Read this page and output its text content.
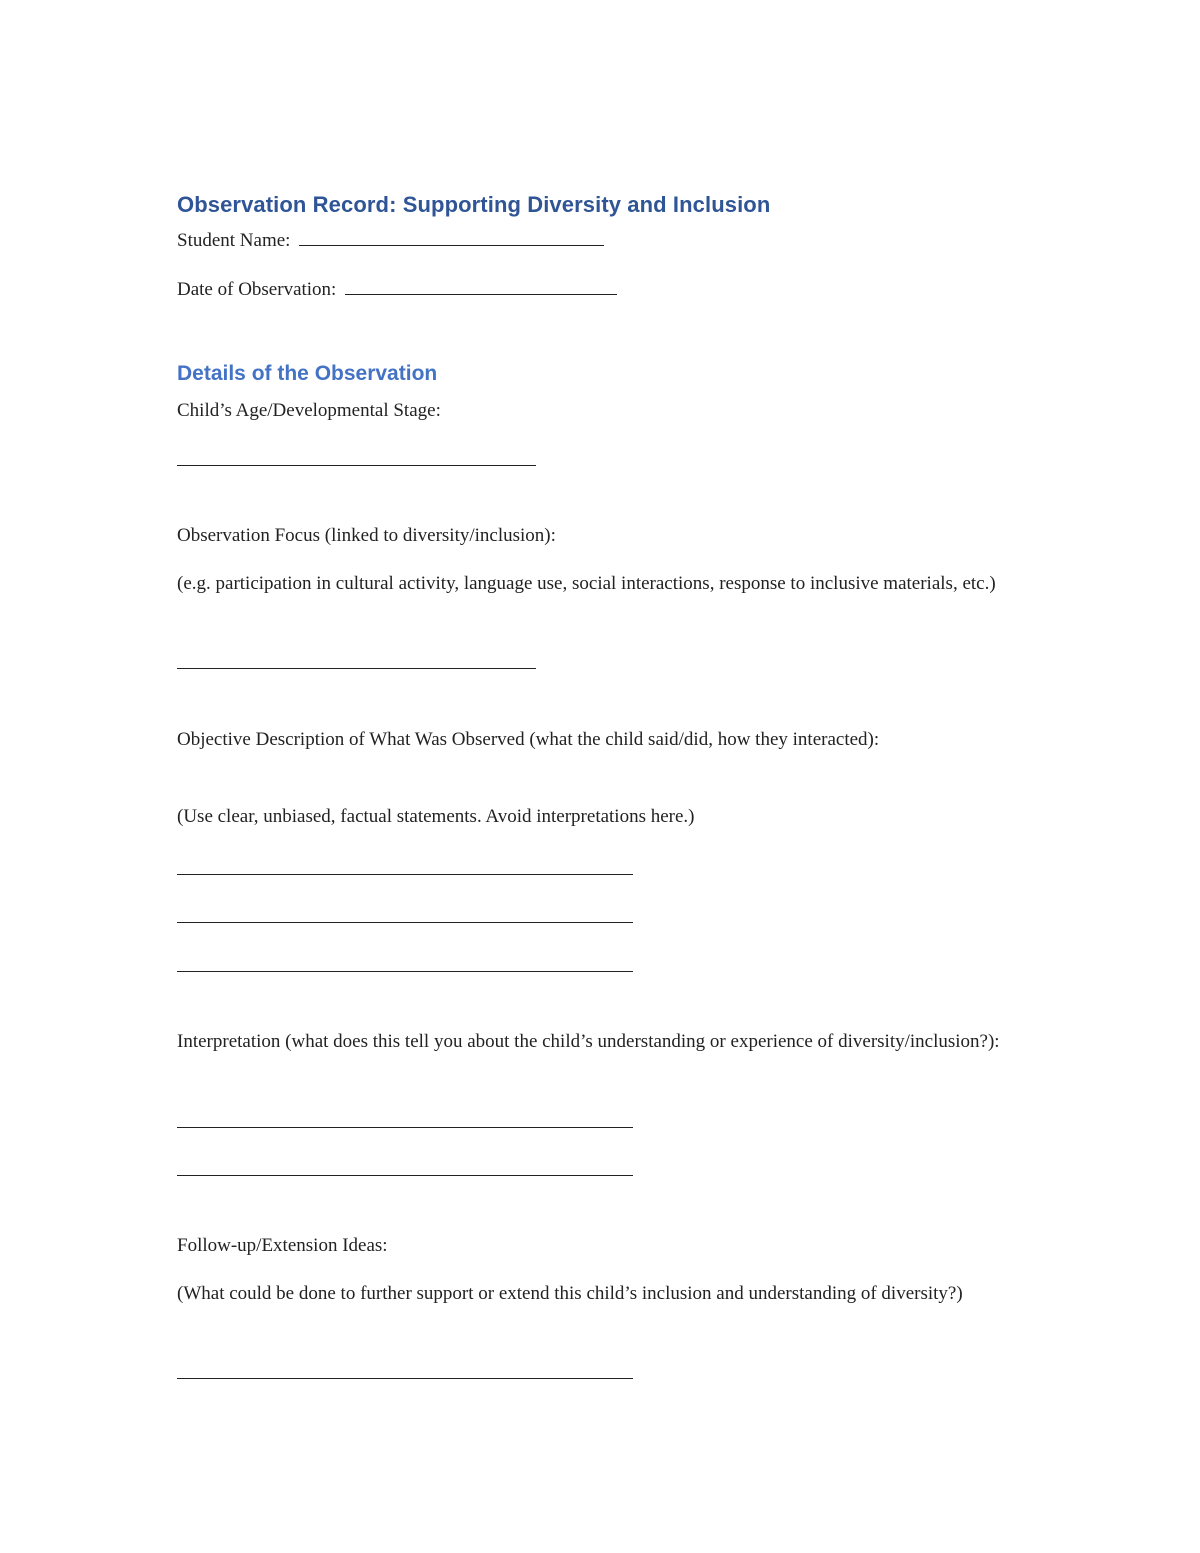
Observation Record: Supporting Diversity and Inclusion
Student Name:
Date of Observation:
Details of the Observation
Child’s Age/Developmental Stage:
Observation Focus (linked to diversity/inclusion):
(e.g. participation in cultural activity, language use, social interactions, response to inclusive materials, etc.)
Objective Description of What Was Observed (what the child said/did, how they interacted):
(Use clear, unbiased, factual statements. Avoid interpretations here.)
Interpretation (what does this tell you about the child’s understanding or experience of diversity/inclusion?):
Follow-up/Extension Ideas:
(What could be done to further support or extend this child’s inclusion and understanding of diversity?)
